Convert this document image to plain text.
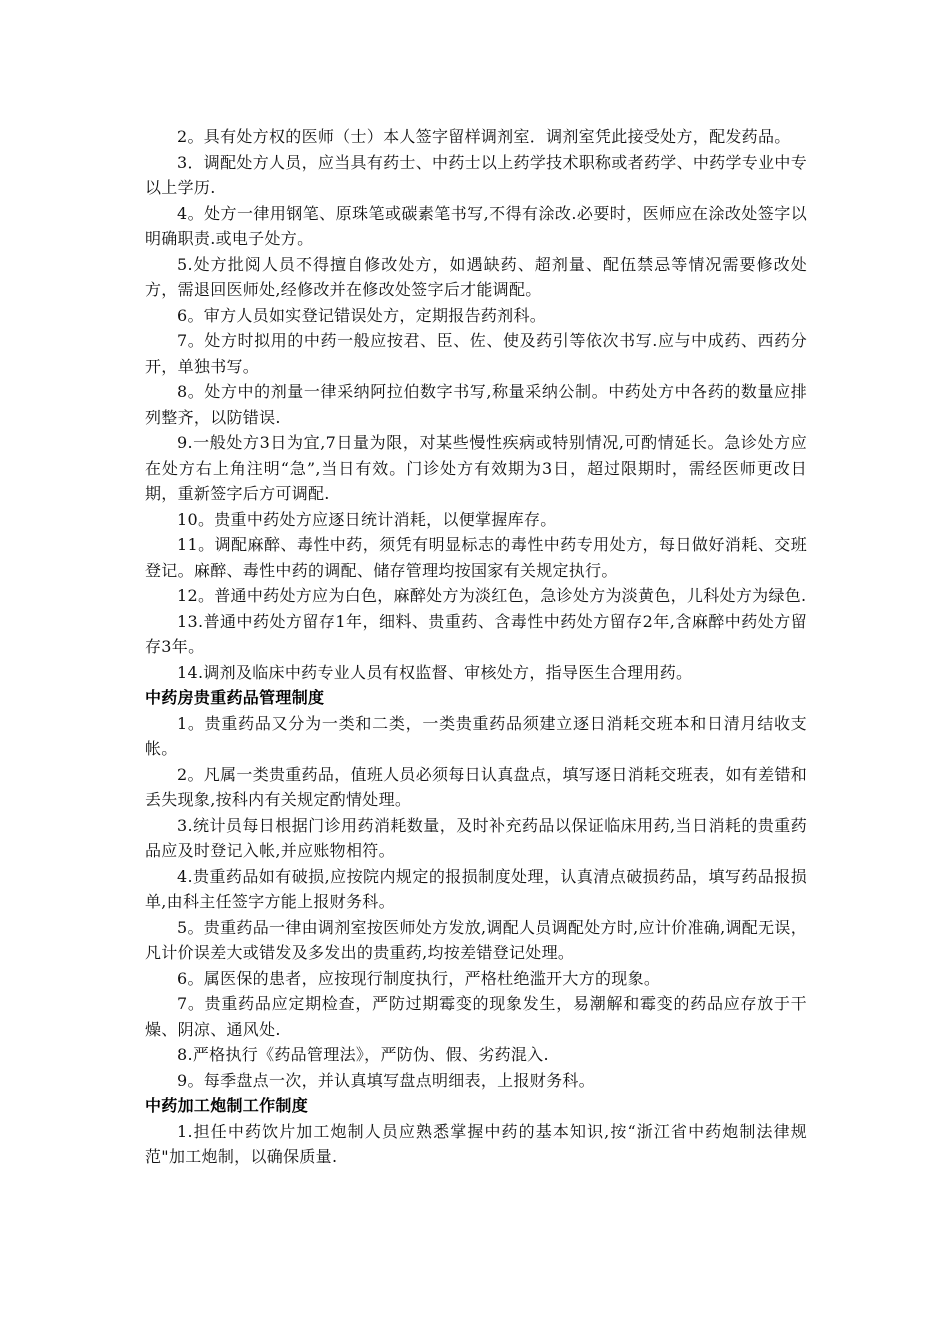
2。具有处方权的医师（士）本人签字留样调剂室．调剂室凭此接受处方，配发药品。

3．调配处方人员，应当具有药士、中药士以上药学技术职称或者药学、中药学专业中专以上学历.

4。处方一律用钢笔、原珠笔或碳素笔书写,不得有涂改.必要时，医师应在涂改处签字以明确职责.或电子处方。

5.处方批阅人员不得擅自修改处方，如遇缺药、超剂量、配伍禁忌等情况需要修改处方，需退回医师处,经修改并在修改处签字后才能调配。

6。审方人员如实登记错误处方，定期报告药剂科。

7。处方时拟用的中药一般应按君、臣、佐、使及药引等依次书写.应与中成药、西药分开，单独书写。

8。处方中的剂量一律采纳阿拉伯数字书写,称量采纳公制。中药处方中各药的数量应排列整齐，以防错误.

9.一般处方3日为宜,7日量为限，对某些慢性疾病或特别情况,可酌情延长。急诊处方应在处方右上角注明“急”,当日有效。门诊处方有效期为3日，超过限期时，需经医师更改日期，重新签字后方可调配.

10。贵重中药处方应逐日统计消耗，以便掌握库存。

11。调配麻醉、毒性中药，须凭有明显标志的毒性中药专用处方，每日做好消耗、交班登记。麻醉、毒性中药的调配、储存管理均按国家有关规定执行。

12。普通中药处方应为白色，麻醉处方为淡红色，急诊处方为淡黄色，儿科处方为绿色.

13.普通中药处方留存1年，细料、贵重药、含毒性中药处方留存2年,含麻醉中药处方留存3年。

14.调剂及临床中药专业人员有权监督、审核处方，指导医生合理用药。

中药房贵重药品管理制度

1。贵重药品又分为一类和二类，一类贵重药品须建立逐日消耗交班本和日清月结收支帐。

2。凡属一类贵重药品，值班人员必须每日认真盘点，填写逐日消耗交班表，如有差错和丢失现象,按科内有关规定酌情处理。

3.统计员每日根据门诊用药消耗数量，及时补充药品以保证临床用药,当日消耗的贵重药品应及时登记入帐,并应账物相符。

4.贵重药品如有破损,应按院内规定的报损制度处理，认真清点破损药品，填写药品报损单,由科主任签字方能上报财务科。

5。贵重药品一律由调剂室按医师处方发放,调配人员调配处方时,应计价准确,调配无误，凡计价误差大或错发及多发出的贵重药,均按差错登记处理。

6。属医保的患者，应按现行制度执行，严格杜绝滥开大方的现象。

7。贵重药品应定期检查，严防过期霉变的现象发生，易潮解和霉变的药品应存放于干燥、阴凉、通风处.

8.严格执行《药品管理法》，严防伪、假、劣药混入.

9。每季盘点一次，并认真填写盘点明细表，上报财务科。

中药加工炮制工作制度

1.担任中药饮片加工炮制人员应熟悉掌握中药的基本知识,按“浙江省中药炮制法律规范"加工炮制，以确保质量.
